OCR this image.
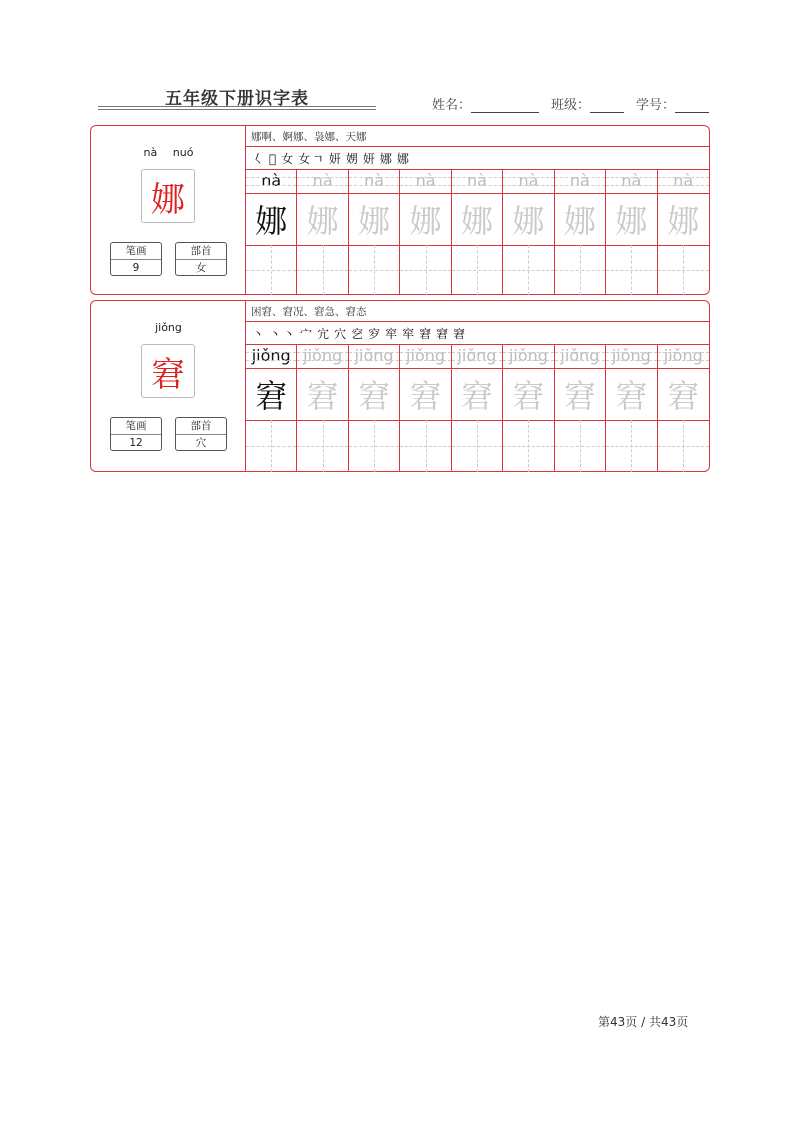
五年级下册识字表	姓名：	班级：	学号：
nà nuó
娜
笔画
9
部首
女
娜啊、婀娜、袅娜、天娜
𡿨 𡚤 女 女ㄱ 妍 娚 妍 娜 娜
nà
娜
nà
娜
nà
娜
nà
娜
nà
娜
nà
娜
nà
娜
nà
娜
nà
娜
jiǒng
窘
笔画
12
部首
穴
困窘、窘况、窘急、窘态
丶 丶丶 宀 宂 穴 穵 穸 窂 窂 窘 窘 窘
jiǒng
窘
jiǒng
窘
jiǒng
窘
jiǒng
窘
jiǒng
窘
jiǒng
窘
jiǒng
窘
jiǒng
窘
jiǒng
窘
第43页 / 共43页
